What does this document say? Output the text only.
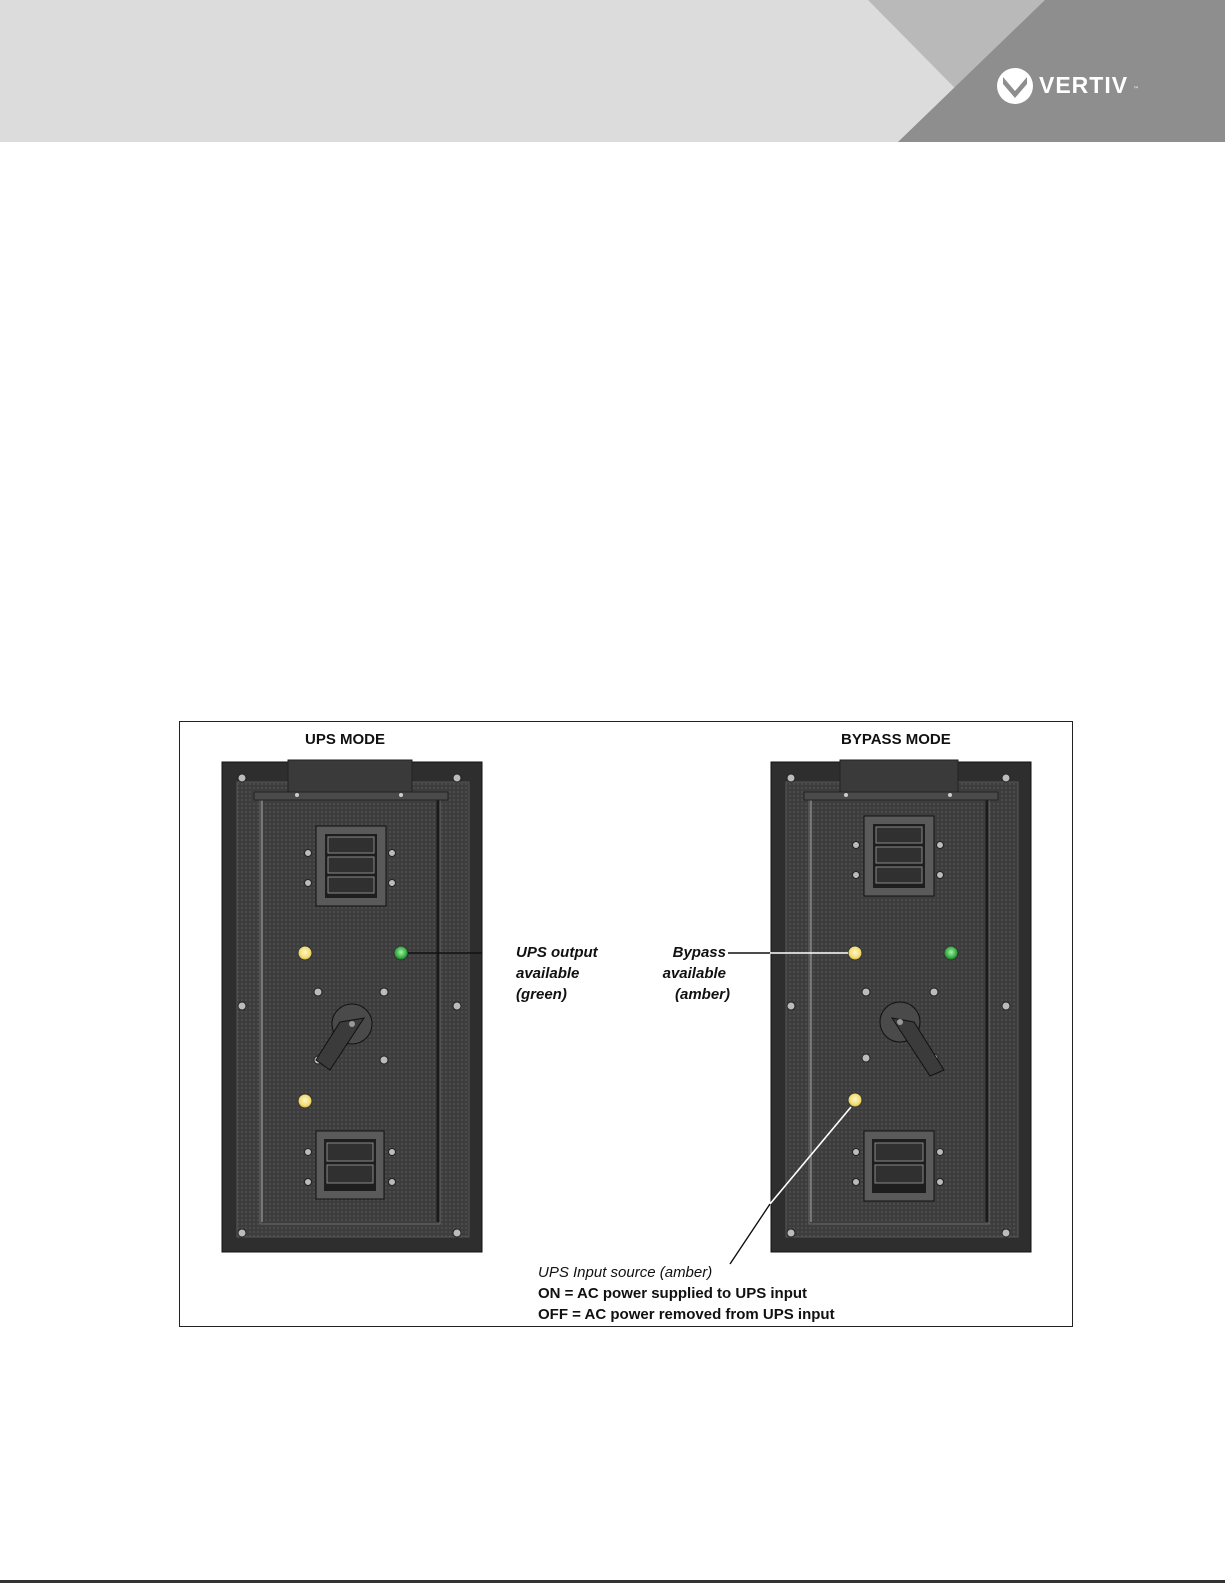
VERTIV ™
UPS MODE	BYPASS MODE
UPS output
available
(green)
Bypass
available
(amber)
UPS Input source (amber)
ON = AC power supplied to UPS input
OFF = AC power removed from UPS input
